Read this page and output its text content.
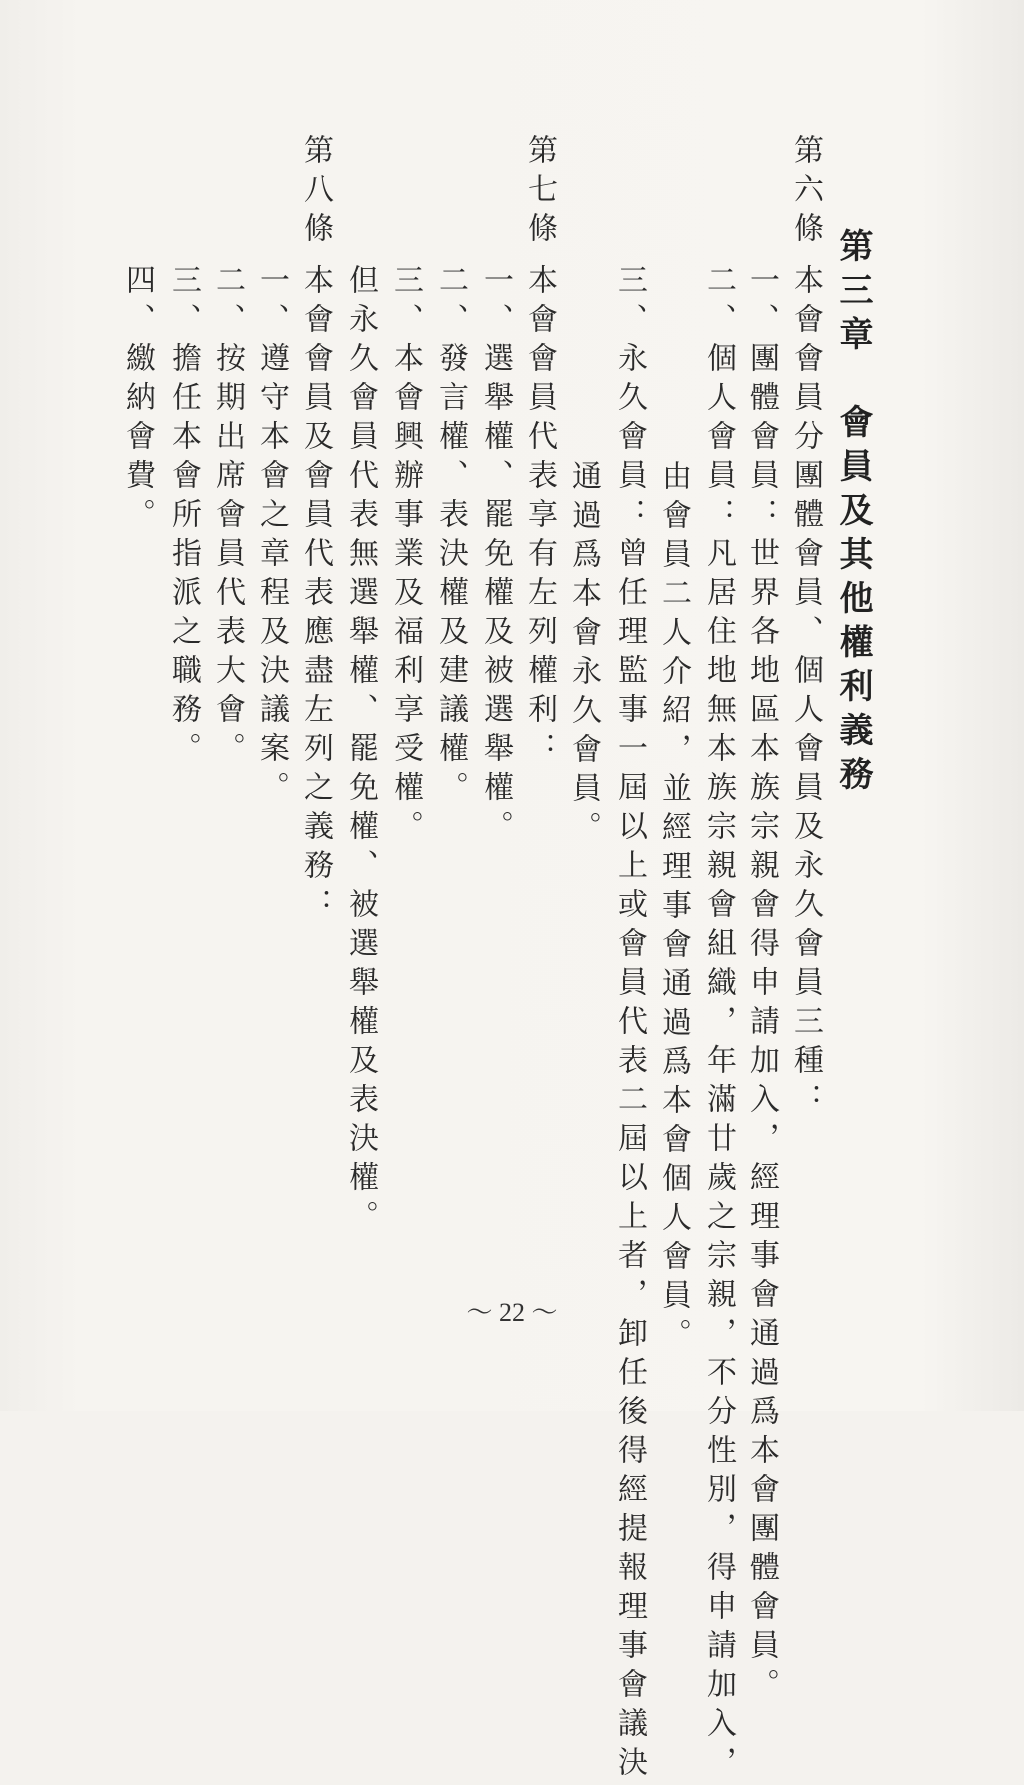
第三章　會員及其他權利義務
第六條
本會會員分團體會員、個人會員及永久會員三種：
一、團體會員：世界各地區本族宗親會得申請加入，經理事會通過爲本會團體會員。
二、個人會員：凡居住地無本族宗親會組織，年滿廿歲之宗親，不分性別，得申請加入，
由會員二人介紹，並經理事會通過爲本會個人會員。
三、永久會員：曾任理監事一屆以上或會員代表二屆以上者，卸任後得經提報理事會議決
通過爲本會永久會員。
第七條
本會會員代表享有左列權利：
一、選舉權、罷免權及被選舉權。
二、發言權、表決權及建議權。
三、本會興辦事業及福利享受權。
但永久會員代表無選舉權、罷免權、被選舉權及表決權。
第八條
本會會員及會員代表應盡左列之義務：
一、遵守本會之章程及決議案。
二、按期出席會員代表大會。
三、擔任本會所指派之職務。
四、繳納會費。
～ 22 ～
